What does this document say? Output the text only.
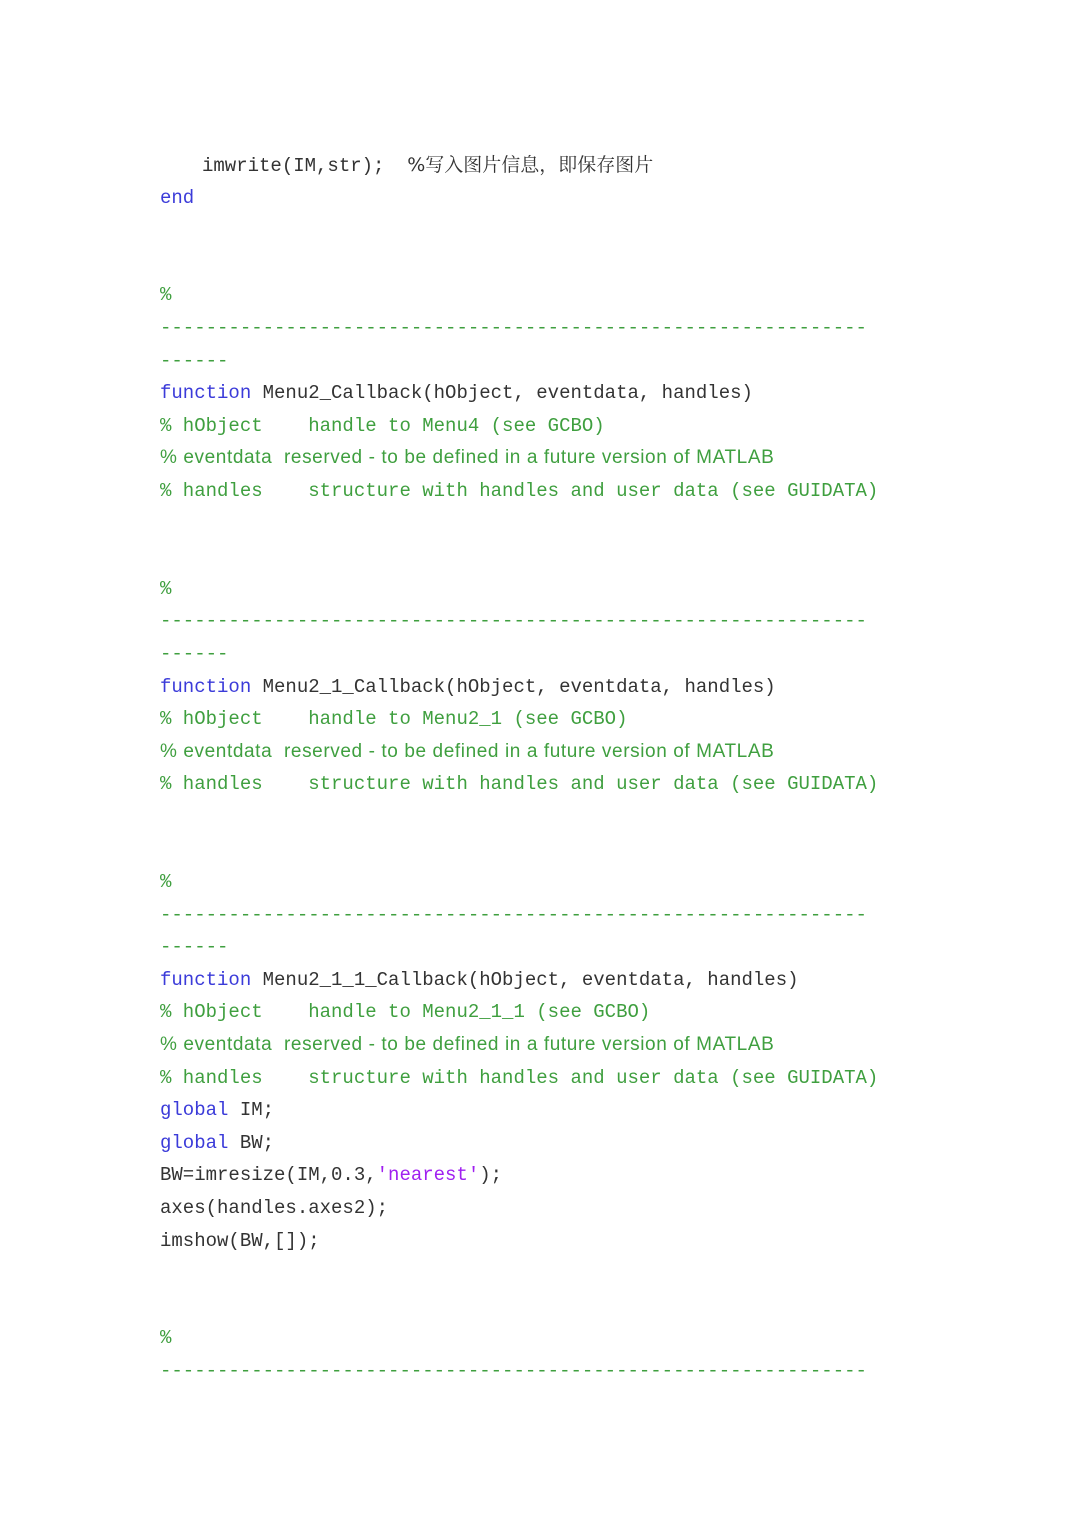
imwrite(IM,str);  %写入图片信息，即保存图片
end
%
--------------------------------------------------------------
------
function Menu2_Callback(hObject, eventdata, handles)
% hObject    handle to Menu4 (see GCBO)
% eventdata  reserved - to be defined in a future version of MATLAB
% handles    structure with handles and user data (see GUIDATA)
%
--------------------------------------------------------------
------
function Menu2_1_Callback(hObject, eventdata, handles)
% hObject    handle to Menu2_1 (see GCBO)
% eventdata  reserved - to be defined in a future version of MATLAB
% handles    structure with handles and user data (see GUIDATA)
%
--------------------------------------------------------------
------
function Menu2_1_1_Callback(hObject, eventdata, handles)
% hObject    handle to Menu2_1_1 (see GCBO)
% eventdata  reserved - to be defined in a future version of MATLAB
% handles    structure with handles and user data (see GUIDATA)
global IM;
global BW;
BW=imresize(IM,0.3,'nearest');
axes(handles.axes2);
imshow(BW,[]);
%
--------------------------------------------------------------
